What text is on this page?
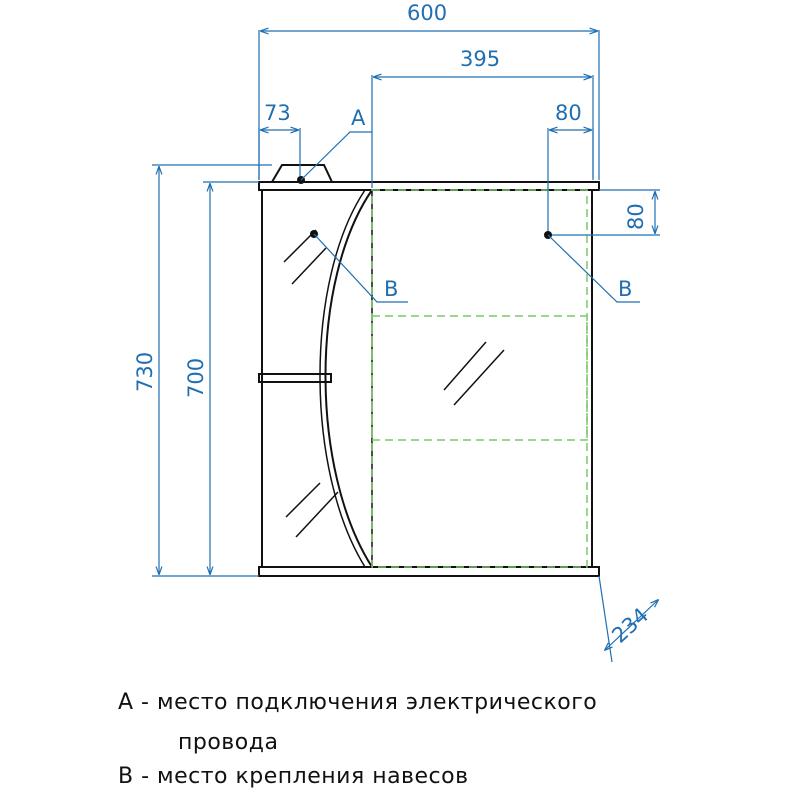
600
395
73	80
80
730 700
234
A
B	B
А - место подключения электрического
провода
В - место крепления навесов
